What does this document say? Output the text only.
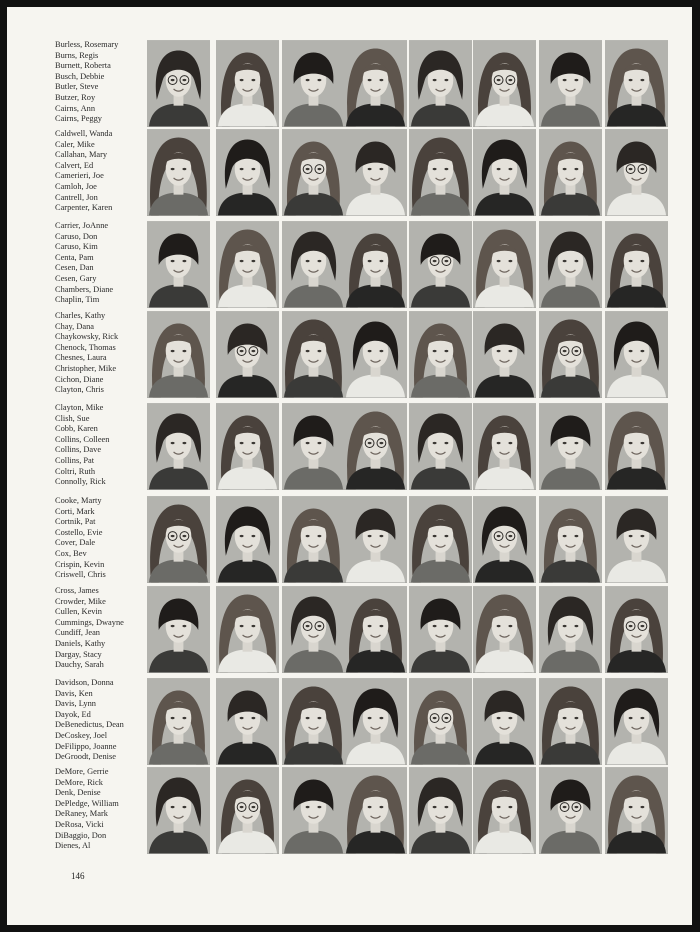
146
Burless, Rosemary
Burns, Regis
Burnett, Roberta
Busch, Debbie
Butler, Steve
Butzer, Roy
Cairns, Ann
Cairns, Peggy
Caldwell, Wanda
Caler, Mike
Callahan, Mary
Calvert, Ed
Camerieri, Joe
Camloh, Joe
Cantrell, Jon
Carpenter, Karen
Carrier, JoAnne
Caruso, Don
Caruso, Kim
Centa, Pam
Cesen, Dan
Cesen, Gary
Chambers, Diane
Chaplin, Tim
Charles, Kathy
Chay, Dana
Chaykowsky, Rick
Chenock, Thomas
Chesnes, Laura
Christopher, Mike
Cichon, Diane
Clayton, Chris
Clayton, Mike
Clish, Sue
Cobb, Karen
Collins, Colleen
Collins, Dave
Collins, Pat
Coltri, Ruth
Connolly, Rick
Cooke, Marty
Corti, Mark
Cortnik, Pat
Costello, Evie
Cover, Dale
Cox, Bev
Crispin, Kevin
Criswell, Chris
Cross, James
Crowder, Mike
Cullen, Kevin
Cummings, Dwayne
Cundiff, Jean
Daniels, Kathy
Dargay, Stacy
Dauchy, Sarah
Davidson, Donna
Davis, Ken
Davis, Lynn
Dayok, Ed
DeBenedictus, Dean
DeCoskey, Joel
DeFilippo, Joanne
DeGroodt, Denise
DeMore, Gerrie
DeMore, Rick
Denk, Denise
DePledge, William
DeRaney, Mark
DeRosa, Vicki
DiBaggio, Don
Dienes, Al
